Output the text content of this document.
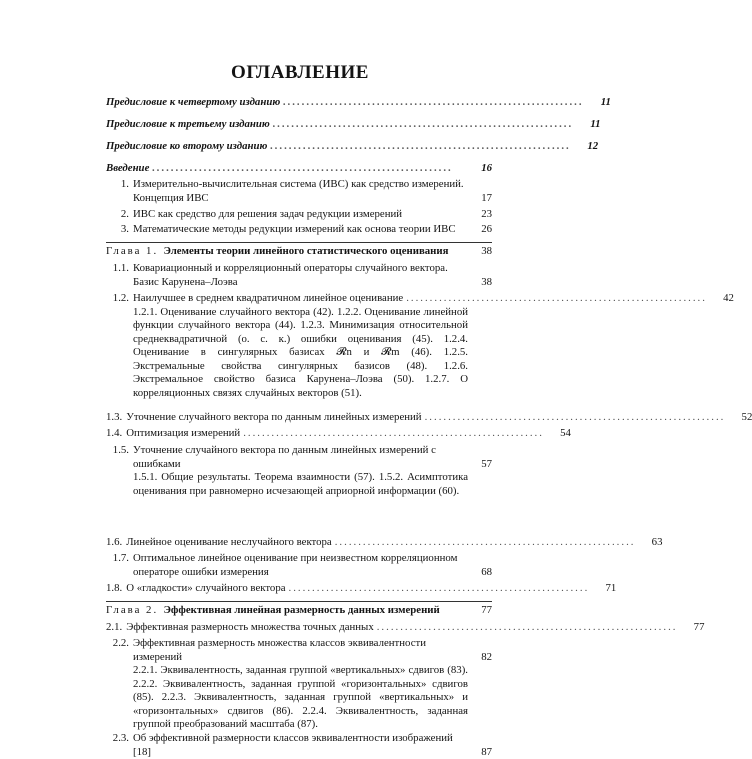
ОГЛАВЛЕНИЕ
Предисловие к четвертому изданию ................................................................	11
Предисловие к третьему изданию ................................................................	11
Предисловие ко второму изданию ................................................................	12
Введение ................................................................	16
1. Измерительно-вычислительная система (ИВС) как средство измерений. Концепция ИВС	17
2. ИВС как средство для решения задач редукции измерений	23
3. Математические методы редукции измерений как основа теории ИВС	26
Глава 1. Элементы теории линейного статистического оценивания	38
1.1. Ковариационный и корреляционный операторы случайного вектора. Базис Карунена–Лоэва	38
1.2. Наилучшее в среднем квадратичном линейное оценивание ................................................................	42
1.2.1. Оценивание случайного вектора (42). 1.2.2. Оценивание линейной функции случайного вектора (44). 1.2.3. Минимизация относительной среднеквадратичной (о. с. к.) ошибки оценивания (45). 1.2.4. Оценивание в сингулярных базисах 𝓡n и 𝓡m (46). 1.2.5. Экстремальные свойства сингулярных базисов (48). 1.2.6. Экстремальное свойство базиса Карунена–Лоэва (50). 1.2.7. О корреляционных связях случайных векторов (51).
1.3. Уточнение случайного вектора по данным линейных измерений ................................................................	52
1.4. Оптимизация измерений ................................................................	54
1.5. Уточнение случайного вектора по данным линейных измерений с ошибками	57
1.5.1. Общие результаты. Теорема взаимности (57). 1.5.2. Асимптотика оценивания при равномерно исчезающей априорной информации (60).
1.6. Линейное оценивание неслучайного вектора ................................................................	63
1.7. Оптимальное линейное оценивание при неизвестном корреляционном операторе ошибки измерения	68
1.8. О «гладкости» случайного вектора ................................................................	71
Глава 2. Эффективная линейная размерность данных измерений	77
2.1. Эффективная размерность множества точных данных ................................................................	77
2.2. Эффективная размерность множества классов эквивалентности измерений	82
2.2.1. Эквивалентность, заданная группой «вертикальных» сдвигов (83). 2.2.2. Эквивалентность, заданная группой «горизонтальных» сдвигов (85). 2.2.3. Эквивалентность, заданная группой «вертикальных» и «горизонтальных» сдвигов (86). 2.2.4. Эквивалентность, заданная группой преобразований масштаба (87).
2.3. Об эффективной размерности классов эквивалентности изображений [18]	87
